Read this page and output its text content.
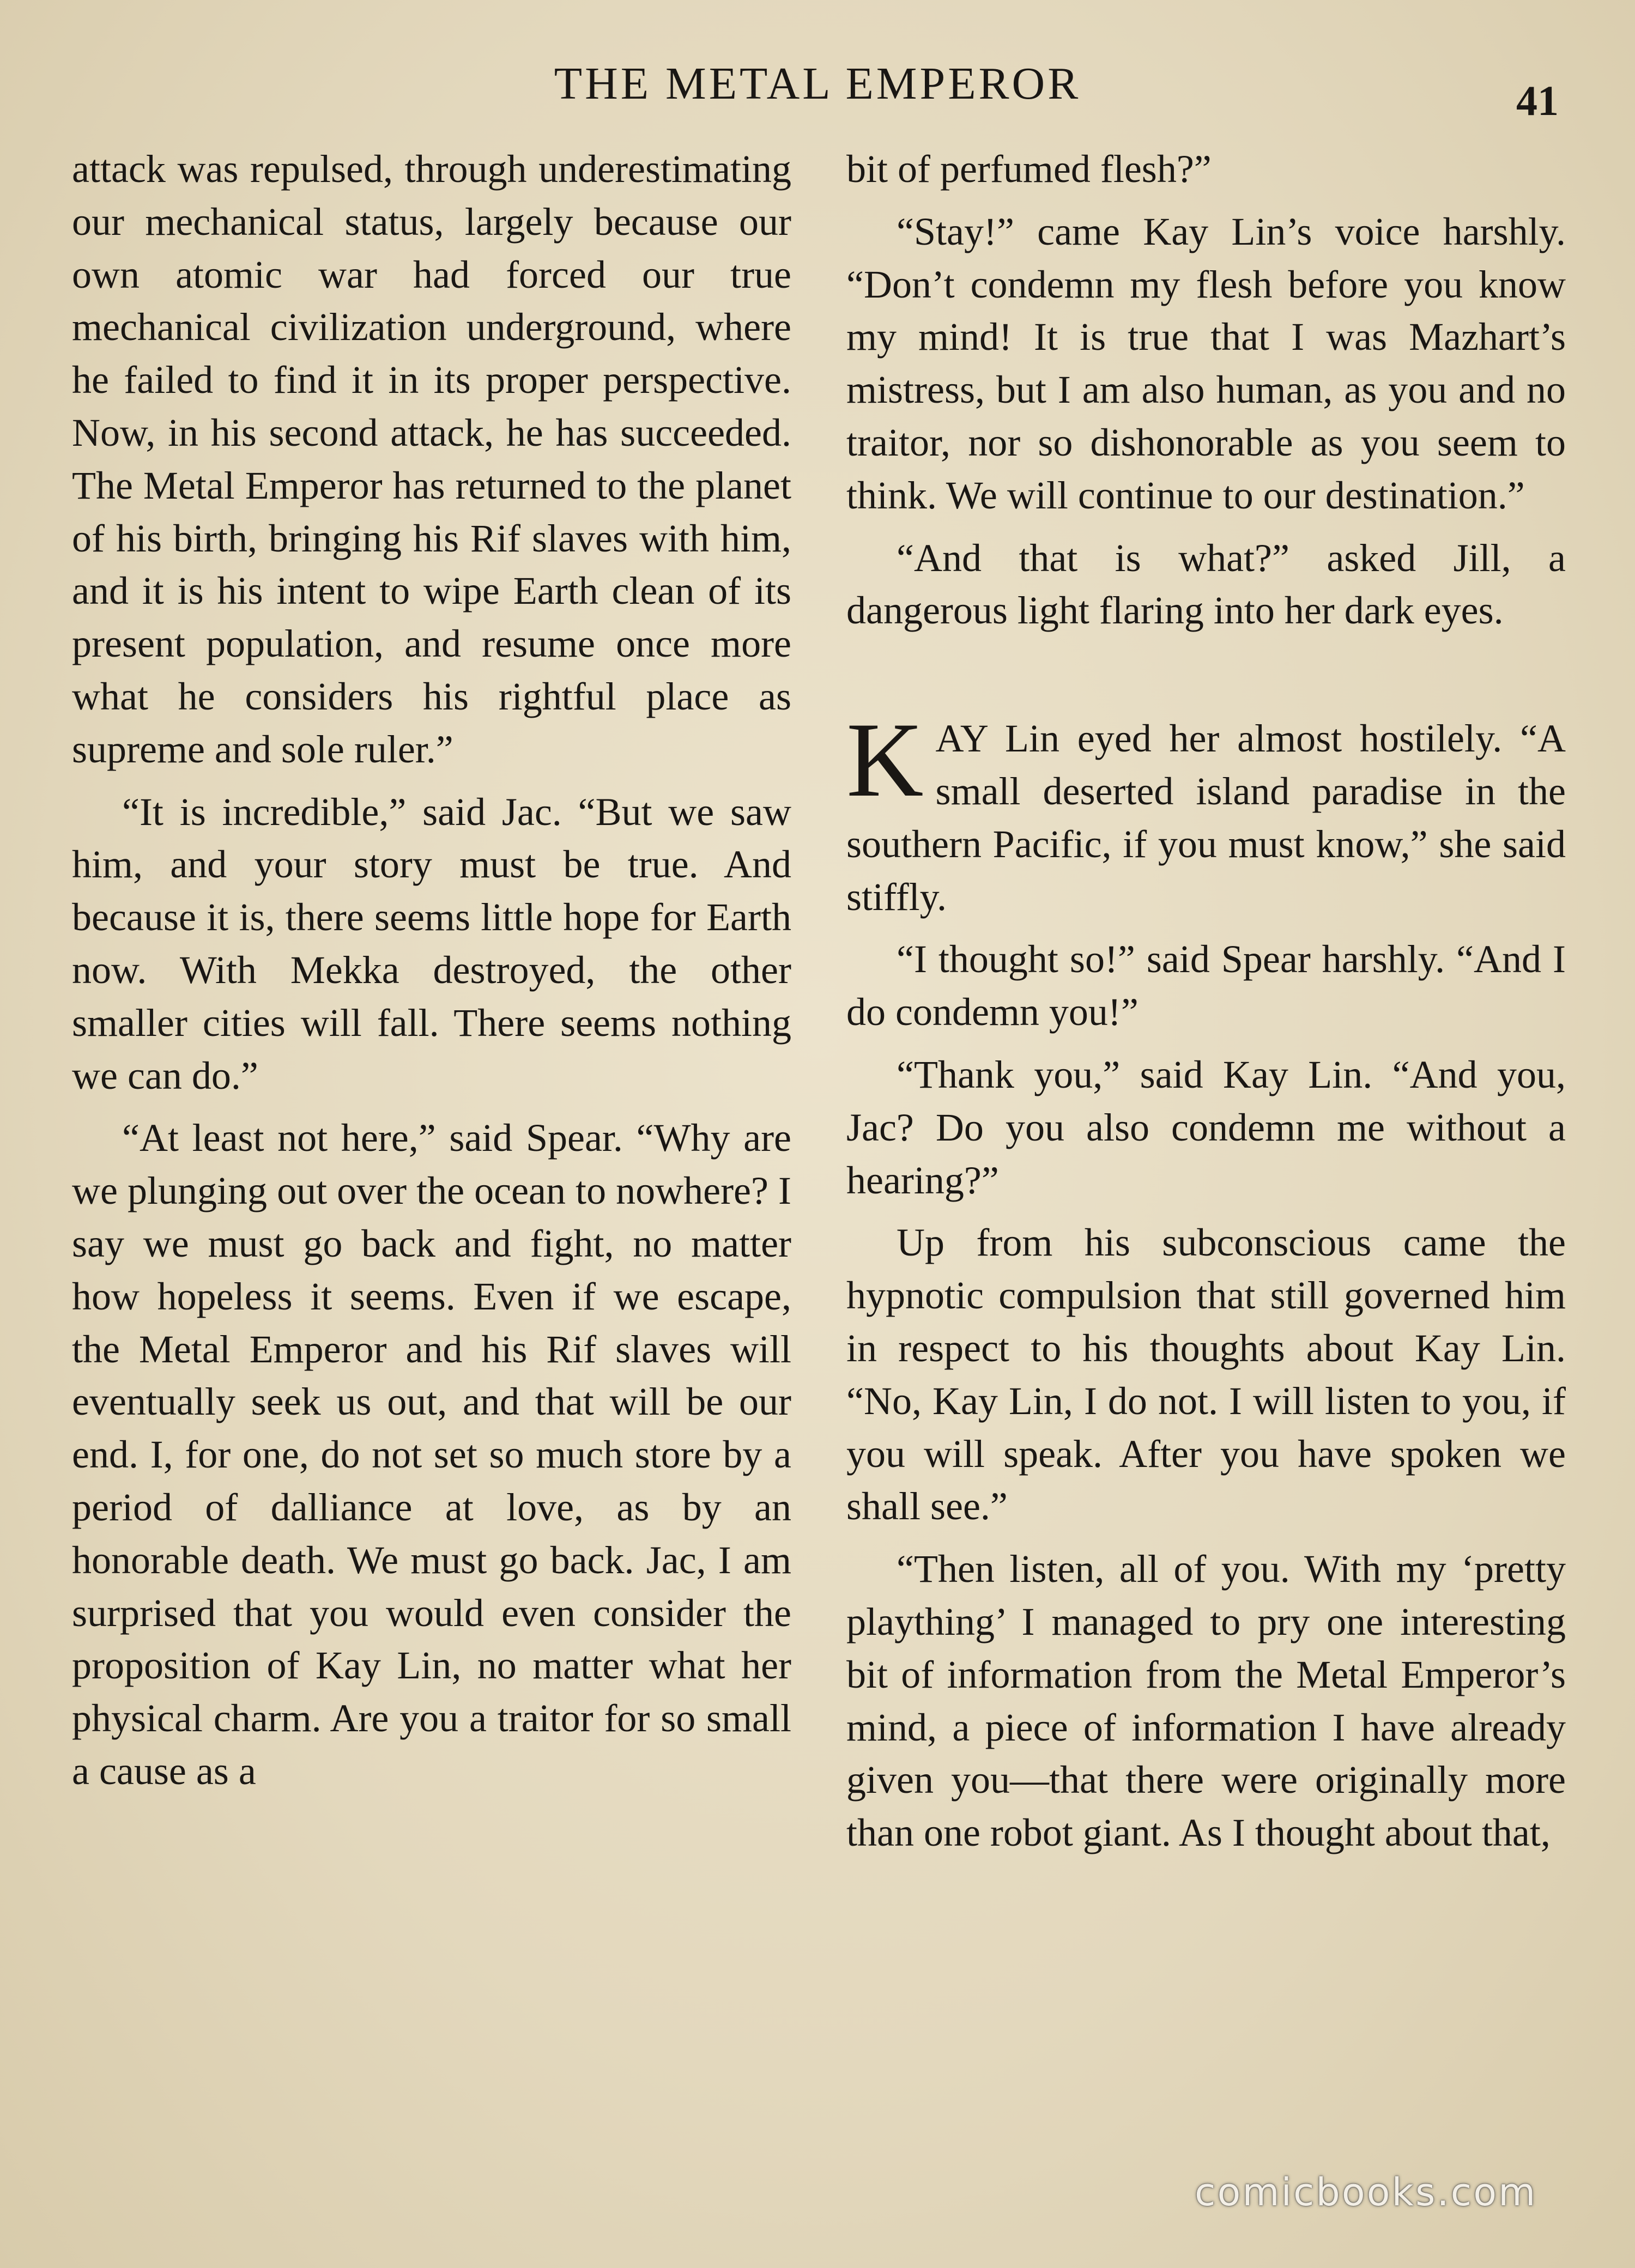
THE METAL EMPEROR	41

attack was repulsed, through underestimating our mechanical status, largely because our own atomic war had forced our true mechanical civilization underground, where he failed to find it in its proper perspective. Now, in his second attack, he has succeeded. The Metal Emperor has returned to the planet of his birth, bringing his Rif slaves with him, and it is his intent to wipe Earth clean of its present population, and resume once more what he considers his rightful place as supreme and sole ruler.”

“It is incredible,” said Jac. “But we saw him, and your story must be true. And because it is, there seems little hope for Earth now. With Mekka destroyed, the other smaller cities will fall. There seems nothing we can do.”

“At least not here,” said Spear. “Why are we plunging out over the ocean to nowhere? I say we must go back and fight, no matter how hopeless it seems. Even if we escape, the Metal Emperor and his Rif slaves will eventually seek us out, and that will be our end. I, for one, do not set so much store by a period of dalliance at love, as by an honorable death. We must go back. Jac, I am surprised that you would even consider the proposition of Kay Lin, no matter what her physical charm. Are you a traitor for so small a cause as a

bit of perfumed flesh?”

“Stay!” came Kay Lin’s voice harshly. “Don’t condemn my flesh before you know my mind! It is true that I was Mazhart’s mistress, but I am also human, as you and no traitor, nor so dishonorable as you seem to think. We will continue to our destination.”

“And that is what?” asked Jill, a dangerous light flaring into her dark eyes.

KAY Lin eyed her almost hostilely. “A small deserted island paradise in the southern Pacific, if you must know,” she said stiffly.

“I thought so!” said Spear harshly. “And I do condemn you!”

“Thank you,” said Kay Lin. “And you, Jac? Do you also condemn me without a hearing?”

Up from his subconscious came the hypnotic compulsion that still governed him in respect to his thoughts about Kay Lin. “No, Kay Lin, I do not. I will listen to you, if you will speak. After you have spoken we shall see.”

“Then listen, all of you. With my ‘pretty plaything’ I managed to pry one interesting bit of information from the Metal Emperor’s mind, a piece of information I have already given you—that there were originally more than one robot giant. As I thought about that,

comicbooks.com
